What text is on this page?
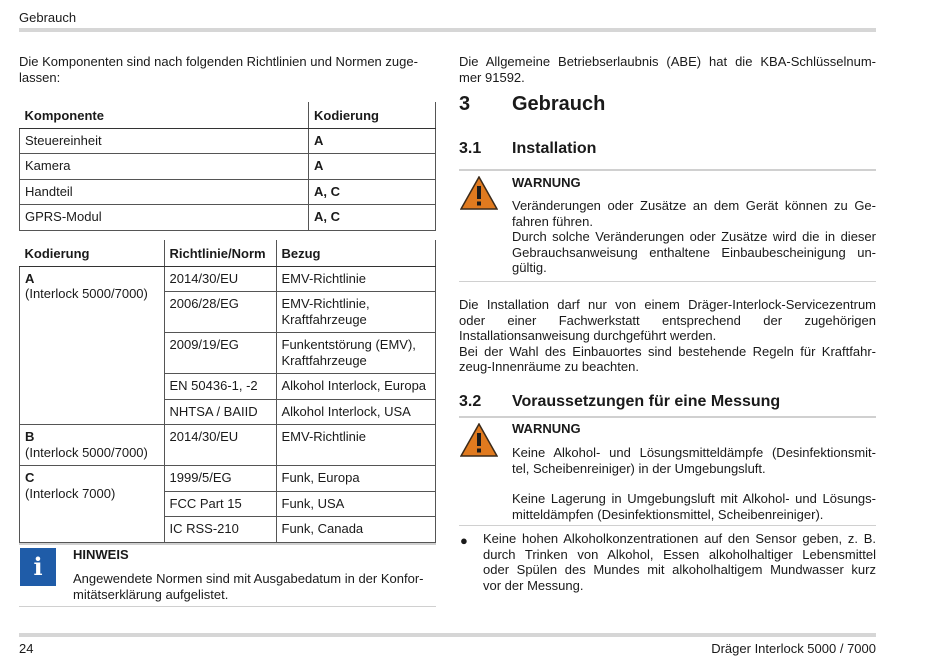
Gebrauch
Die Komponenten sind nach folgenden Richtlinien und Normen zuge-
lassen:
Komponente	Kodierung
Steuereinheit	A
Kamera	A
Handteil	A, C
GPRS-Modul	A, C
Kodierung	Richtlinie/Norm	Bezug
A
(Interlock 5000/7000)	2014/30/EU	EMV-Richtlinie
	2006/28/EG	EMV-Richtlinie, Kraftfahrzeuge
	2009/19/EG	Funkentstörung (EMV), Kraftfahrzeuge
	EN 50436-1, -2	Alkohol Interlock, Europa
	NHTSA / BAIID	Alkohol Interlock, USA
B
(Interlock 5000/7000)	2014/30/EU	EMV-Richtlinie
C
(Interlock 7000)	1999/5/EG	Funk, Europa
	FCC Part 15	Funk, USA
	IC RSS-210	Funk, Canada
i	HINWEIS
Angewendete Normen sind mit Ausgabedatum in der Konfor-
mitätserklärung aufgelistet.
Die Allgemeine Betriebserlaubnis (ABE) hat die KBA-Schlüsselnum-
mer 91592.
3 Gebrauch
3.1 Installation
WARNUNG
Veränderungen oder Zusätze an dem Gerät können zu Ge-
fahren führen.
Durch solche Veränderungen oder Zusätze wird die in dieser
Gebrauchsanweisung enthaltene Einbaubescheinigung un-
gültig.
Die Installation darf nur von einem Dräger-Interlock-Servicezentrum
oder einer Fachwerkstatt entsprechend der zugehörigen
Installationsanweisung durchgeführt werden.
Bei der Wahl des Einbauortes sind bestehende Regeln für Kraftfahr-
zeug-Innenräume zu beachten.
3.2 Voraussetzungen für eine Messung
WARNUNG
Keine Alkohol- und Lösungsmitteldämpfe (Desinfektionsmit-
tel, Scheibenreiniger) in der Umgebungsluft.
Keine Lagerung in Umgebungsluft mit Alkohol- und Lösungs-
mitteldämpfen (Desinfektionsmittel, Scheibenreiniger).
● Keine hohen Alkoholkonzentrationen auf den Sensor geben, z. B.
durch Trinken von Alkohol, Essen alkoholhaltiger Lebensmittel
oder Spülen des Mundes mit alkoholhaltigem Mundwasser kurz
vor der Messung.
24	Dräger Interlock 5000 / 7000
